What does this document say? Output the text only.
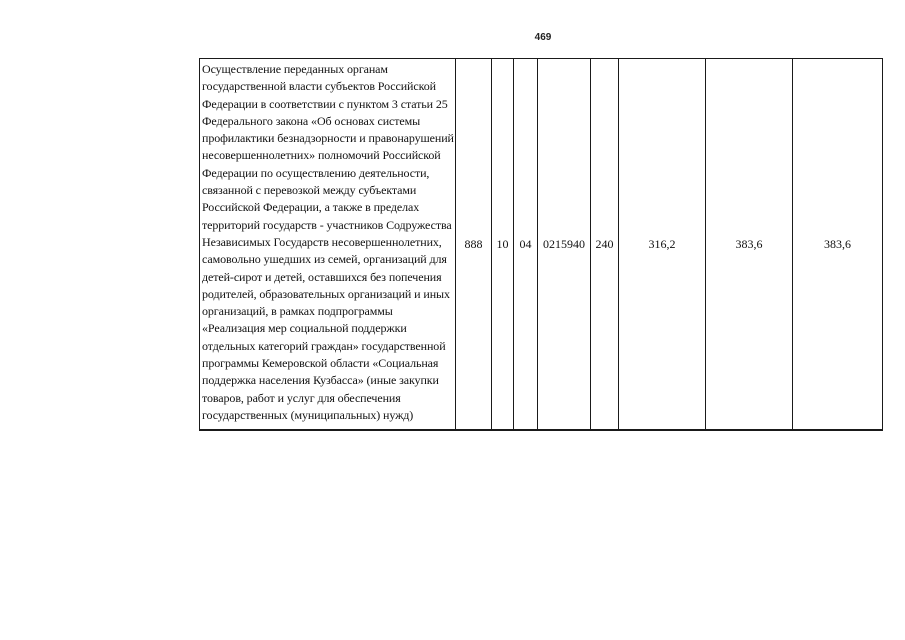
469
Осуществление переданных органам
государственной власти субъектов Российской
Федерации в соответствии с пунктом 3 статьи 25
Федерального закона «Об основах системы
профилактики безнадзорности и правонарушений
несовершеннолетних» полномочий Российской
Федерации по осуществлению деятельности,
связанной с перевозкой между субъектами
Российской Федерации, а также в пределах
территорий государств - участников Содружества
Независимых Государств несовершеннолетних,
самовольно ушедших из семей, организаций для
детей-сирот и детей, оставшихся без попечения
родителей, образовательных организаций и иных
организаций, в рамках подпрограммы
«Реализация мер социальной поддержки
отдельных категорий граждан» государственной
программы Кемеровской области «Социальная
поддержка населения Кузбасса» (иные закупки
товаров, работ и услуг для обеспечения
государственных (муниципальных) нужд)
	888	10	04	0215940	240	316,2	383,6	383,6
